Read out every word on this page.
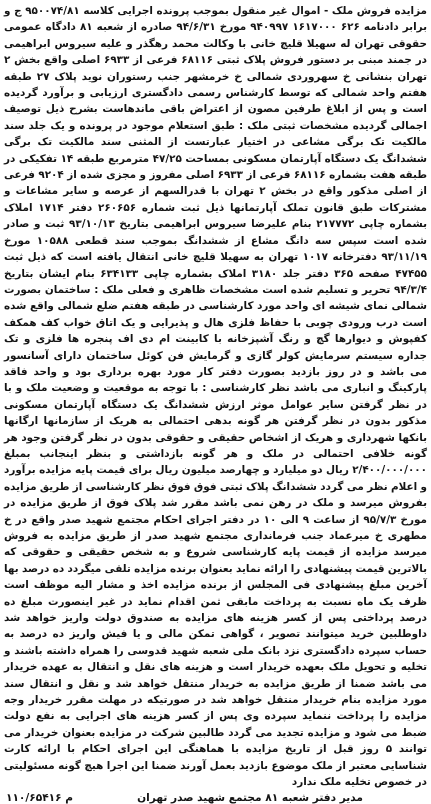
مزایده فروش ملک - اموال غیر منقول بموجب پرونده اجرایی کلاسه ۹۵۰۰۷۴/۸۱ ج و برابر دادنامه ۶۲۶ ۱۶۱۷۰۰۰ ۹۴۰۹۹۷ مورخ ۹۴/۶/۳۱ صادره از شعبه ۸۱ دادگاه عمومی حقوقی تهران له سهیلا قلیچ خانی با وکالت محمد رهگذر و علیه سیروس ابراهیمی در جمند مبنی بر دستور فروش پلاک ثبتی ۶۸۱۱۶ فرعی از ۶۹۳۳ اصلی واقع بخش ۲ تهران بنشانی خ سهروردی شمالی خ خرمشهر جنب رستوران نوید پلاک ۲۷ طبقه هفتم واحد شمالی که توسط کارشناس رسمی دادگستری ارزیابی و برآورد گردیده است و پس از ابلاغ طرفین مصون از اعتراض باقی ماندهاست بشرح ذیل توصیف اجمالی گردیده مشخصات ثبتی ملک : طبق استعلام موجود در پرونده و یک جلد سند مالکیت تک برگی مشاعی در اختیار عبارتست از المثنی سند مالکیت تک برگی ششدانگ یک دستگاه آپارتمان مسکونی بمساحت ۴۷/۲۵ مترمربع طبقه ۱۴ تفکیکی در طبقه هفت بشماره ۶۸۱۱۶ فرعی از ۶۹۳۳ اصلی مفروز و مجزی شده از ۹۲۰۴ فرعی از اصلی مذکور واقع در بخش ۲ تهران با قدرالسهم از عرصه و سایر مشاعات و مشترکات طبق قانون تملک آپارتمانها ذیل ثبت شماره ۲۶۰۶۵۶ دفتر ۱۷۱۴ املاک بشماره چاپی ۲۱۷۷۷۲ بنام علیرضا سیروس ابراهیمی بتاریخ ۹۳/۱۰/۱۳ ثبت و صادر شده است سپس سه دانگ مشاع از ششدانگ بموجب سند قطعی ۱۰۵۸۸ مورخ ۹۳/۱۱/۱۹ دفترخانه ۱۰۱۷ تهران به سهیلا قلیچ خانی انتقال یافته است که ذیل ثبت ۴۷۴۵۵ صفحه ۳۶۵ دفتر جلد ۳۱۸۰ املاک بشماره چاپی ۶۳۴۱۳۳ بنام ایشان بتاریخ ۹۴/۳/۴ تحریر و تسلیم شده است مشخصات ظاهری و فعلی ملک : ساختمان بصورت شمالی نمای شیشه ای واحد مورد کارشناسی در طبقه هفتم ضلع شمالی واقع شده است درب ورودی چوبی با حفاظ فلزی هال و پذیرایی و یک اتاق خواب کف همکف کفپوش و دیوارها گچ و رنگ آشپزخانه با کابینت ام دی اف پنجره ها فلزی و تک جداره سیستم سرمایش کولر گازی و گرمایش فن کوئل ساختمان دارای آسانسور می باشد و در روز بازدید بصورت دفتر کار مورد بهره برداری بود و واحد فاقد پارکینگ و انباری می باشد نظر کارشناسی : با توجه به موقعیت و وضعیت ملک و با در نظر گرفتن سایر عوامل موثر ارزش ششدانگ یک دستگاه آپارتمان مسکونی مذکور بدون در نظر گرفتن هر گونه بدهی احتمالی به هریک از سازمانها ارگانها بانکها شهرداری و هریک از اشخاص حقیقی و حقوقی بدون در نظر گرفتن وجود هر گونه خلافی احتمالی در ملک و هر گونه بازداشتی و بنظر اینجانب بمبلغ ۲/۴۰۰/۰۰۰/۰۰۰ ریال دو میلیارد و چهارصد میلیون ریال برای قیمت پایه مزایده برآورد و اعلام نظر می گردد ششدانگ پلاک ثبتی فوق فوق نظر کارشناسی از طریق مزایده بفروش میرسد و ملک در رهن نمی باشد مقرر شد پلاک فوق از طریق مزایده در مورخ ۹۵/۷/۳ از ساعت ۹ الی ۱۰ در دفتر اجرای احکام مجتمع شهید صدر واقع در خ مطهری خ میرعماد جنب فرمانداری مجتمع شهید صدر از طریق مزایده به فروش میرسد مزایده از قیمت پایه کارشناسی شروع و به شخص حقیقی و حقوقی که بالاترین قیمت پیشنهادی را ارائه نماید بعنوان برنده مزایده تلقی میگردد ده درصد بها آخرین مبلغ پیشنهادی فی المجلس از برنده مزایده اخذ و مشار الیه موظف است ظرف یک ماه نسبت به پرداخت مابقی ثمن اقدام نماید در غیر اینصورت مبلغ ده درصد پرداختی پس از کسر هزینه های مزایده به صندوق دولت واریز خواهد شد داوطلبین خرید میتوانند تصویر ، گواهی تمکن مالی و یا فیش واریز ده درصد به حساب سپرده دادگستری نزد بانک ملی شعبه شهید قدوسی را همراه داشته باشند و تخلیه و تحویل ملک بعهده خریدار است و هزینه های نقل و انتقال به عهده خریدار می باشد ضمنا از طریق مزایده به خریدار منتقل خواهد شد و نقل و انتقال سند مورد مزایده بنام خریدار منتقل خواهد شد در صورتیکه در مهلت مقرر خریدار وجه مزایده را پرداخت ننماید سپرده وی پس از کسر هزینه های اجرایی به نفع دولت ضبط می شود و مزایده تجدید می گردد طالبین شرکت در مزایده بعنوان خریدار می توانند ۵ روز قبل از تاریخ مزایده با هماهنگی این اجرای احکام با ارائه کارت شناسایی معتبر از ملک موضوع بازدید بعمل آورند ضمنا این اجرا هیچ گونه مسئولیتی در خصوص تخلیه ملک ندارد

مدیر دفتر شعبه ۸۱ مجتمع شهید صدر تهران
۱۱۰/۶۵۴۱۶ م
